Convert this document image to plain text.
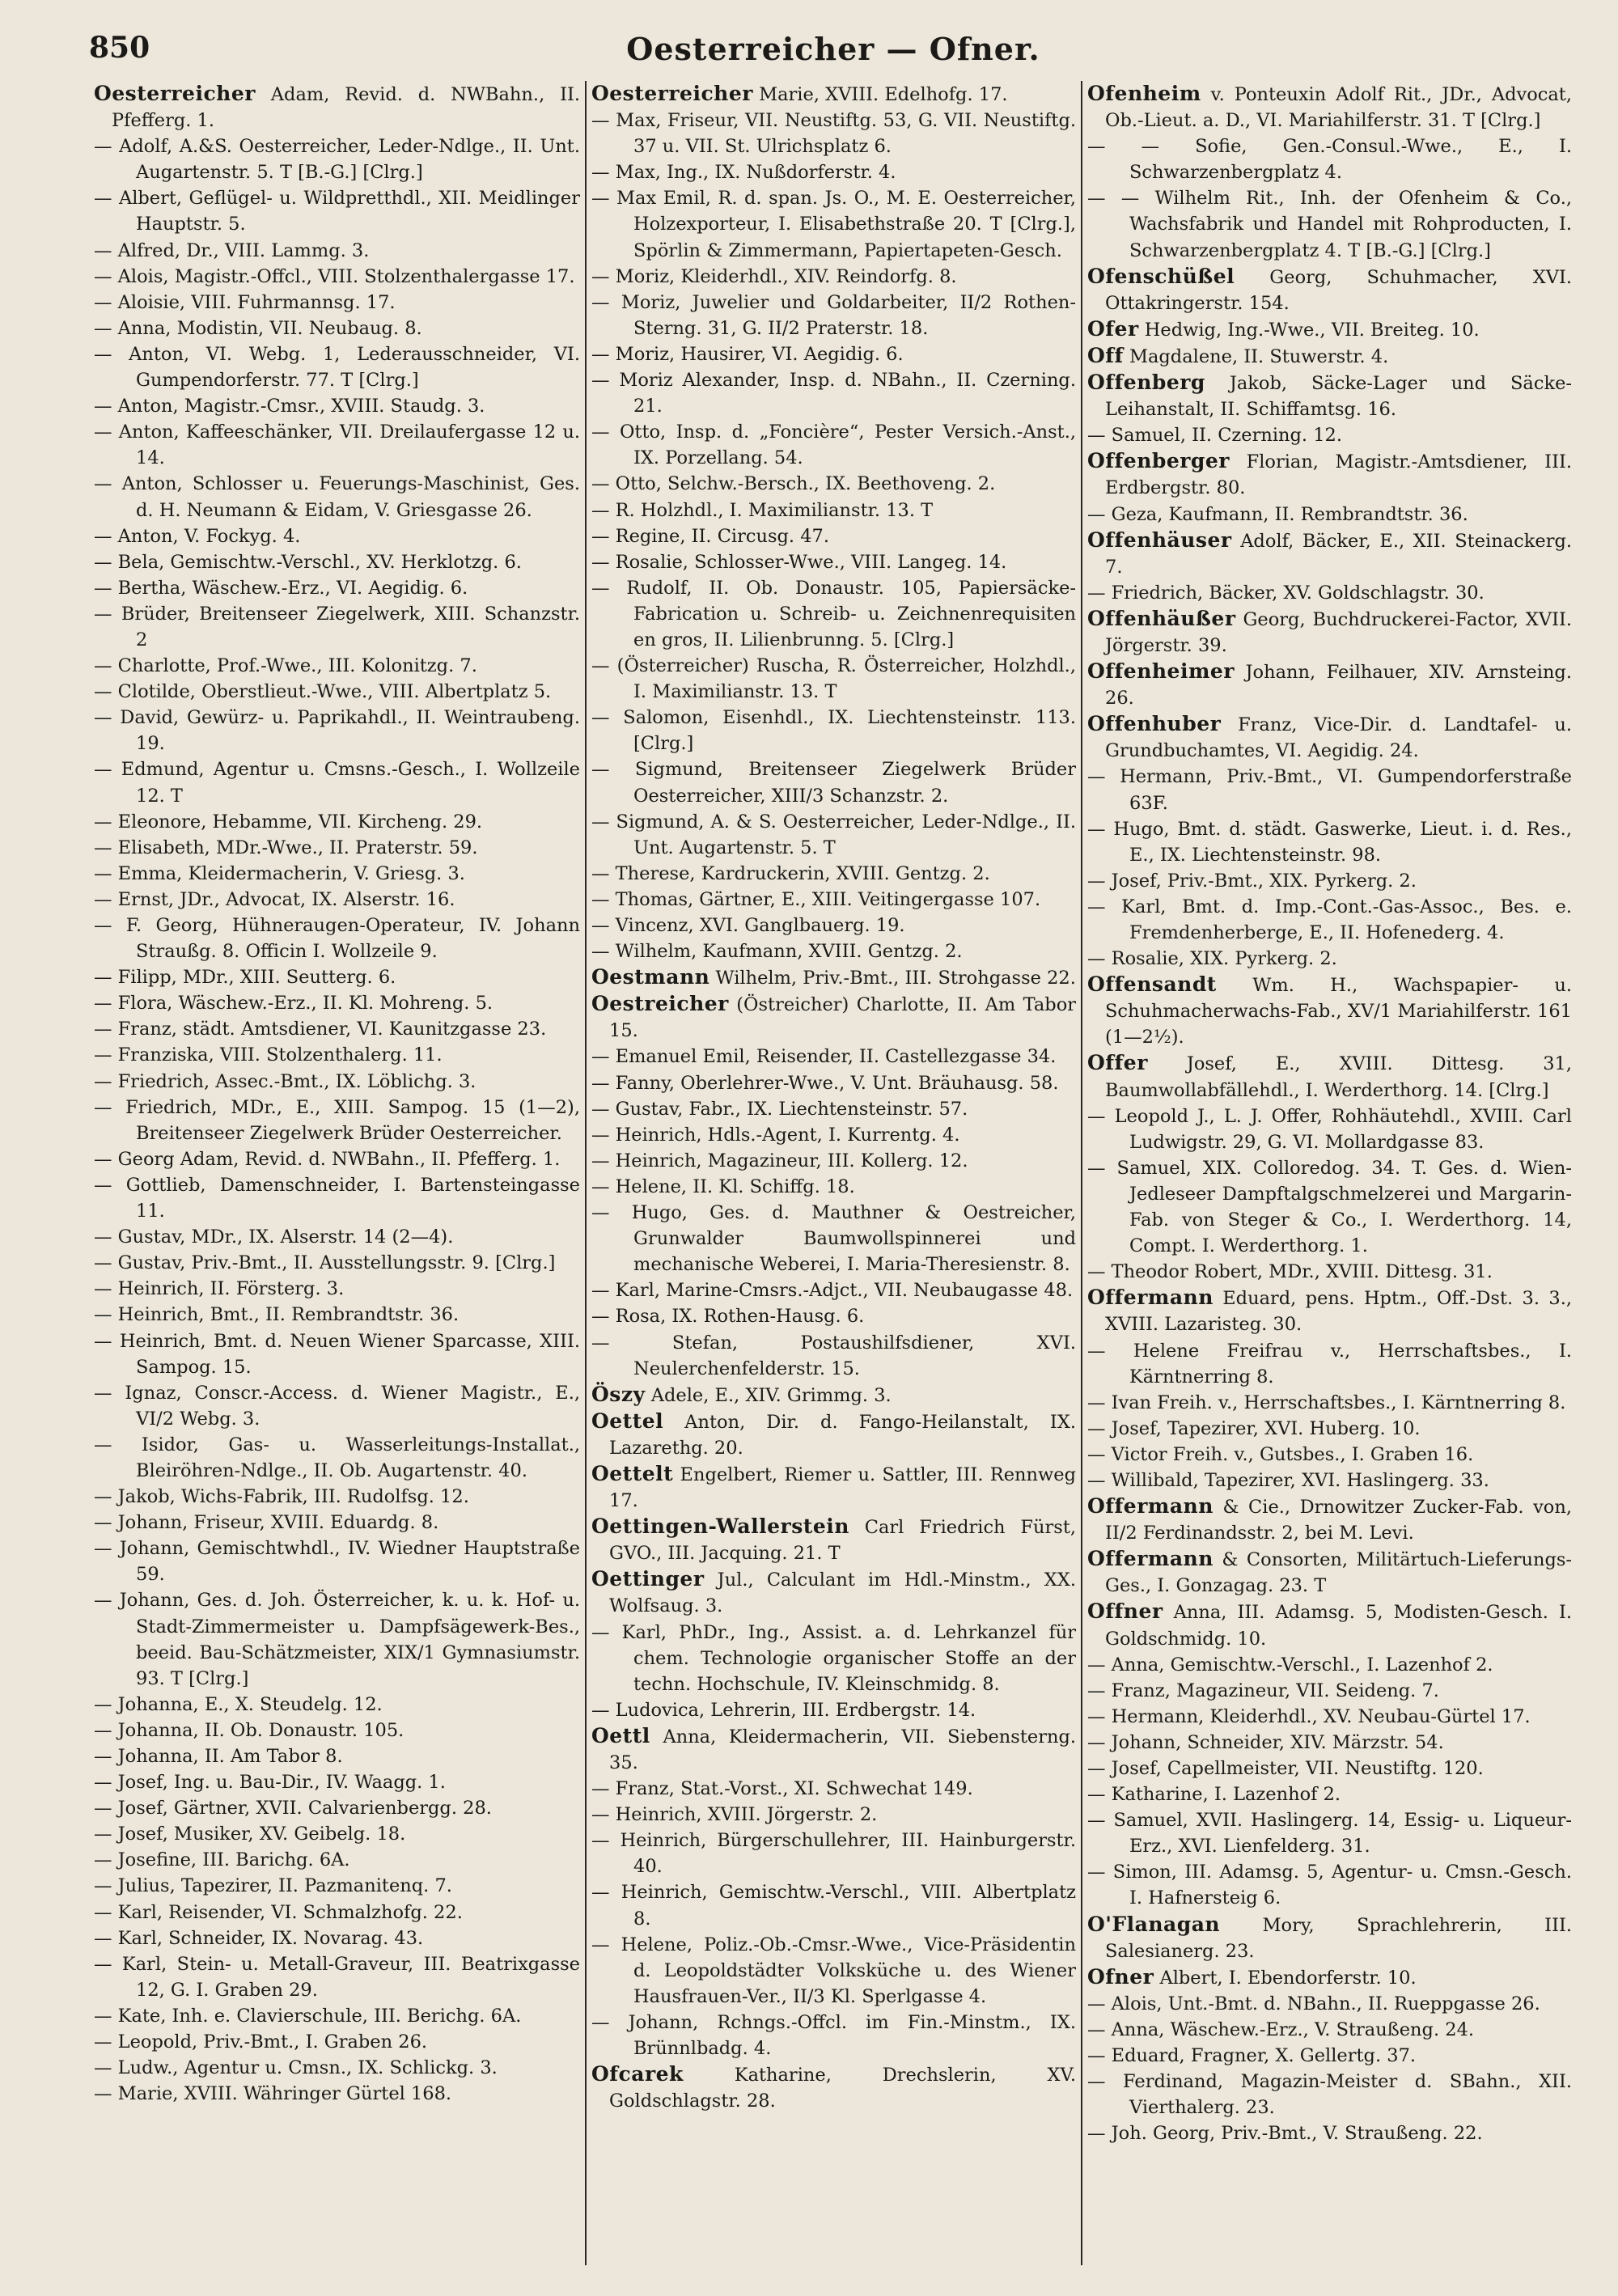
850	Oesterreicher — Ofner.

Oesterreicher Adam, Revid. d. NWBahn., II. Pfefferg. 1.

— Adolf, A.&S. Oesterreicher, Leder-Ndlge., II. Unt. Augartenstr. 5. T [B.-G.] [Clrg.]

— Albert, Geflügel- u. Wildpretthdl., XII. Meidlinger Hauptstr. 5.

— Alfred, Dr., VIII. Lammg. 3.

— Alois, Magistr.-Offcl., VIII. Stolzenthalergasse 17.

— Aloisie, VIII. Fuhrmannsg. 17.

— Anna, Modistin, VII. Neubaug. 8.

— Anton, VI. Webg. 1, Lederausschneider, VI. Gumpendorferstr. 77. T [Clrg.]

— Anton, Magistr.-Cmsr., XVIII. Staudg. 3.

— Anton, Kaffeeschänker, VII. Dreilaufergasse 12 u. 14.

— Anton, Schlosser u. Feuerungs-Maschinist, Ges. d. H. Neumann & Eidam, V. Griesgasse 26.

— Anton, V. Fockyg. 4.

— Bela, Gemischtw.-Verschl., XV. Herklotzg. 6.

— Bertha, Wäschew.-Erz., VI. Aegidig. 6.

— Brüder, Breitenseer Ziegelwerk, XIII. Schanzstr. 2

— Charlotte, Prof.-Wwe., III. Kolonitzg. 7.

— Clotilde, Oberstlieut.-Wwe., VIII. Albertplatz 5.

— David, Gewürz- u. Paprikahdl., II. Weintraubeng. 19.

— Edmund, Agentur u. Cmsns.-Gesch., I. Wollzeile 12. T

— Eleonore, Hebamme, VII. Kircheng. 29.

— Elisabeth, MDr.-Wwe., II. Praterstr. 59.

— Emma, Kleidermacherin, V. Griesg. 3.

— Ernst, JDr., Advocat, IX. Alserstr. 16.

— F. Georg, Hühneraugen-Operateur, IV. Johann Straußg. 8. Officin I. Wollzeile 9.

— Filipp, MDr., XIII. Seutterg. 6.

— Flora, Wäschew.-Erz., II. Kl. Mohreng. 5.

— Franz, städt. Amtsdiener, VI. Kaunitzgasse 23.

— Franziska, VIII. Stolzenthalerg. 11.

— Friedrich, Assec.-Bmt., IX. Löblichg. 3.

— Friedrich, MDr., E., XIII. Sampog. 15 (1—2), Breitenseer Ziegelwerk Brüder Oesterreicher.

— Georg Adam, Revid. d. NWBahn., II. Pfefferg. 1.

— Gottlieb, Damenschneider, I. Bartensteingasse 11.

— Gustav, MDr., IX. Alserstr. 14 (2—4).

— Gustav, Priv.-Bmt., II. Ausstellungsstr. 9. [Clrg.]

— Heinrich, II. Försterg. 3.

— Heinrich, Bmt., II. Rembrandtstr. 36.

— Heinrich, Bmt. d. Neuen Wiener Sparcasse, XIII. Sampog. 15.

— Ignaz, Conscr.-Access. d. Wiener Magistr., E., VI/2 Webg. 3.

— Isidor, Gas- u. Wasserleitungs-Installat., Bleiröhren-Ndlge., II. Ob. Augartenstr. 40.

— Jakob, Wichs-Fabrik, III. Rudolfsg. 12.

— Johann, Friseur, XVIII. Eduardg. 8.

— Johann, Gemischtwhdl., IV. Wiedner Hauptstraße 59.

— Johann, Ges. d. Joh. Österreicher, k. u. k. Hof- u. Stadt-Zimmermeister u. Dampfsägewerk-Bes., beeid. Bau-Schätzmeister, XIX/1 Gymnasiumstr. 93. T [Clrg.]

— Johanna, E., X. Steudelg. 12.

— Johanna, II. Ob. Donaustr. 105.

— Johanna, II. Am Tabor 8.

— Josef, Ing. u. Bau-Dir., IV. Waagg. 1.

— Josef, Gärtner, XVII. Calvarienbergg. 28.

— Josef, Musiker, XV. Geibelg. 18.

— Josefine, III. Barichg. 6A.

— Julius, Tapezirer, II. Pazmanitenq. 7.

— Karl, Reisender, VI. Schmalzhofg. 22.

— Karl, Schneider, IX. Novarag. 43.

— Karl, Stein- u. Metall-Graveur, III. Beatrixgasse 12, G. I. Graben 29.

— Kate, Inh. e. Clavierschule, III. Berichg. 6A.

— Leopold, Priv.-Bmt., I. Graben 26.

— Ludw., Agentur u. Cmsn., IX. Schlickg. 3.

— Marie, XVIII. Währinger Gürtel 168.

Oesterreicher Marie, XVIII. Edelhofg. 17.

— Max, Friseur, VII. Neustiftg. 53, G. VII. Neustiftg. 37 u. VII. St. Ulrichsplatz 6.

— Max, Ing., IX. Nußdorferstr. 4.

— Max Emil, R. d. span. Js. O., M. E. Oesterreicher, Holzexporteur, I. Elisabethstraße 20. T [Clrg.], Spörlin & Zimmermann, Papiertapeten-Gesch.

— Moriz, Kleiderhdl., XIV. Reindorfg. 8.

— Moriz, Juwelier und Goldarbeiter, II/2 Rothen-Sterng. 31, G. II/2 Praterstr. 18.

— Moriz, Hausirer, VI. Aegidig. 6.

— Moriz Alexander, Insp. d. NBahn., II. Czerning. 21.

— Otto, Insp. d. „Foncière“, Pester Versich.-Anst., IX. Porzellang. 54.

— Otto, Selchw.-Bersch., IX. Beethoveng. 2.

— R. Holzhdl., I. Maximilianstr. 13. T

— Regine, II. Circusg. 47.

— Rosalie, Schlosser-Wwe., VIII. Langeg. 14.

— Rudolf, II. Ob. Donaustr. 105, Papiersäcke-Fabrication u. Schreib- u. Zeichnenrequisiten en gros, II. Lilienbrunng. 5. [Clrg.]

— (Österreicher) Ruscha, R. Österreicher, Holzhdl., I. Maximilianstr. 13. T

— Salomon, Eisenhdl., IX. Liechtensteinstr. 113. [Clrg.]

— Sigmund, Breitenseer Ziegelwerk Brüder Oesterreicher, XIII/3 Schanzstr. 2.

— Sigmund, A. & S. Oesterreicher, Leder-Ndlge., II. Unt. Augartenstr. 5. T

— Therese, Kardruckerin, XVIII. Gentzg. 2.

— Thomas, Gärtner, E., XIII. Veitingergasse 107.

— Vincenz, XVI. Ganglbauerg. 19.

— Wilhelm, Kaufmann, XVIII. Gentzg. 2.

Oestmann Wilhelm, Priv.-Bmt., III. Strohgasse 22.

Oestreicher (Östreicher) Charlotte, II. Am Tabor 15.

— Emanuel Emil, Reisender, II. Castellezgasse 34.

— Fanny, Oberlehrer-Wwe., V. Unt. Bräuhausg. 58.

— Gustav, Fabr., IX. Liechtensteinstr. 57.

— Heinrich, Hdls.-Agent, I. Kurrentg. 4.

— Heinrich, Magazineur, III. Kollerg. 12.

— Helene, II. Kl. Schiffg. 18.

— Hugo, Ges. d. Mauthner & Oestreicher, Grunwalder Baumwollspinnerei und mechanische Weberei, I. Maria-Theresienstr. 8.

— Karl, Marine-Cmsrs.-Adjct., VII. Neubaugasse 48.

— Rosa, IX. Rothen-Hausg. 6.

— Stefan, Postaushilfsdiener, XVI. Neulerchenfelderstr. 15.

Öszy Adele, E., XIV. Grimmg. 3.

Oettel Anton, Dir. d. Fango-Heilanstalt, IX. Lazarethg. 20.

Oettelt Engelbert, Riemer u. Sattler, III. Rennweg 17.

Oettingen-Wallerstein Carl Friedrich Fürst, GVO., III. Jacquing. 21. T

Oettinger Jul., Calculant im Hdl.-Minstm., XX. Wolfsaug. 3.

— Karl, PhDr., Ing., Assist. a. d. Lehrkanzel für chem. Technologie organischer Stoffe an der techn. Hochschule, IV. Kleinschmidg. 8.

— Ludovica, Lehrerin, III. Erdbergstr. 14.

Oettl Anna, Kleidermacherin, VII. Siebensterng. 35.

— Franz, Stat.-Vorst., XI. Schwechat 149.

— Heinrich, XVIII. Jörgerstr. 2.

— Heinrich, Bürgerschullehrer, III. Hainburgerstr. 40.

— Heinrich, Gemischtw.-Verschl., VIII. Albertplatz 8.

— Helene, Poliz.-Ob.-Cmsr.-Wwe., Vice-Präsidentin d. Leopoldstädter Volksküche u. des Wiener Hausfrauen-Ver., II/3 Kl. Sperlgasse 4.

— Johann, Rchngs.-Offcl. im Fin.-Minstm., IX. Brünnlbadg. 4.

Ofcarek	Katharine, Drechslerin, XV. Goldschlagstr. 28.

Ofenheim v. Ponteuxin Adolf Rit., JDr., Advocat, Ob.-Lieut. a. D., VI. Mariahilferstr. 31. T [Clrg.]

— — Sofie, Gen.-Consul.-Wwe., E., I. Schwarzenbergplatz 4.

— — Wilhelm Rit., Inh. der Ofenheim & Co., Wachsfabrik und Handel mit Rohproducten, I. Schwarzenbergplatz 4. T [B.-G.] [Clrg.]

Ofenschüßel Georg, Schuhmacher, XVI. Ottakringerstr. 154.

Ofer Hedwig, Ing.-Wwe., VII. Breiteg. 10.

Off Magdalene, II. Stuwerstr. 4.

Offenberg Jakob, Säcke-Lager und Säcke-Leihanstalt, II. Schiffamtsg. 16.

— Samuel, II. Czerning. 12.

Offenberger Florian, Magistr.-Amtsdiener, III. Erdbergstr. 80.

— Geza, Kaufmann, II. Rembrandtstr. 36.

Offenhäuser Adolf, Bäcker, E., XII. Steinackerg. 7.

— Friedrich, Bäcker, XV. Goldschlagstr. 30.

Offenhäußer Georg, Buchdruckerei-Factor, XVII. Jörgerstr. 39.

Offenheimer Johann, Feilhauer, XIV. Arnsteing. 26.

Offenhuber Franz, Vice-Dir. d. Landtafel- u. Grundbuchamtes, VI. Aegidig. 24.

— Hermann, Priv.-Bmt., VI. Gumpendorferstraße 63F.

— Hugo, Bmt. d. städt. Gaswerke, Lieut. i. d. Res., E., IX. Liechtensteinstr. 98.

— Josef, Priv.-Bmt., XIX. Pyrkerg. 2.

— Karl, Bmt. d. Imp.-Cont.-Gas-Assoc., Bes. e. Fremdenherberge, E., II. Hofenederg. 4.

— Rosalie, XIX. Pyrkerg. 2.

Offensandt Wm. H., Wachspapier- u. Schuhmacherwachs-Fab., XV/1 Mariahilferstr. 161 (1—2½).

Offer Josef, E., XVIII. Dittesg. 31, Baumwollabfällehdl., I. Werderthorg. 14. [Clrg.]

— Leopold J., L. J. Offer, Rohhäutehdl., XVIII. Carl Ludwigstr. 29, G. VI. Mollardgasse 83.

— Samuel, XIX. Colloredog. 34. T. Ges. d. Wien-Jedleseer Dampftalgschmelzerei und Margarin-Fab. von Steger & Co., I. Werderthorg. 14, Compt. I. Werderthorg. 1.

— Theodor Robert, MDr., XVIII. Dittesg. 31.

Offermann Eduard, pens. Hptm., Off.-Dst. 3. 3., XVIII. Lazaristeg. 30.

— Helene Freifrau v., Herrschaftsbes., I. Kärntnerring 8.

— Ivan Freih. v., Herrschaftsbes., I. Kärntnerring 8.

— Josef, Tapezirer, XVI. Huberg. 10.

— Victor Freih. v., Gutsbes., I. Graben 16.

— Willibald, Tapezirer, XVI. Haslingerg. 33.

Offermann & Cie., Drnowitzer Zucker-Fab. von, II/2 Ferdinandsstr. 2, bei M. Levi.

Offermann & Consorten, Militärtuch-Lieferungs-Ges., I. Gonzagag. 23. T

Offner Anna, III. Adamsg. 5, Modisten-Gesch. I. Goldschmidg. 10.

— Anna, Gemischtw.-Verschl., I. Lazenhof 2.

— Franz, Magazineur, VII. Seideng. 7.

— Hermann, Kleiderhdl., XV. Neubau-Gürtel 17.

— Johann, Schneider, XIV. Märzstr. 54.

— Josef, Capellmeister, VII. Neustiftg. 120.

— Katharine, I. Lazenhof 2.

— Samuel, XVII. Haslingerg. 14, Essig- u. Liqueur-Erz., XVI. Lienfelderg. 31.

— Simon, III. Adamsg. 5, Agentur- u. Cmsn.-Gesch. I. Hafnersteig 6.

O'Flanagan Mory, Sprachlehrerin, III. Salesianerg. 23.

Ofner Albert, I. Ebendorferstr. 10.

— Alois, Unt.-Bmt. d. NBahn., II. Rueppgasse 26.

— Anna, Wäschew.-Erz., V. Straußeng. 24.

— Eduard, Fragner, X. Gellertg. 37.

— Ferdinand, Magazin-Meister d. SBahn., XII. Vierthalerg. 23.

— Joh. Georg, Priv.-Bmt., V. Straußeng. 22.
